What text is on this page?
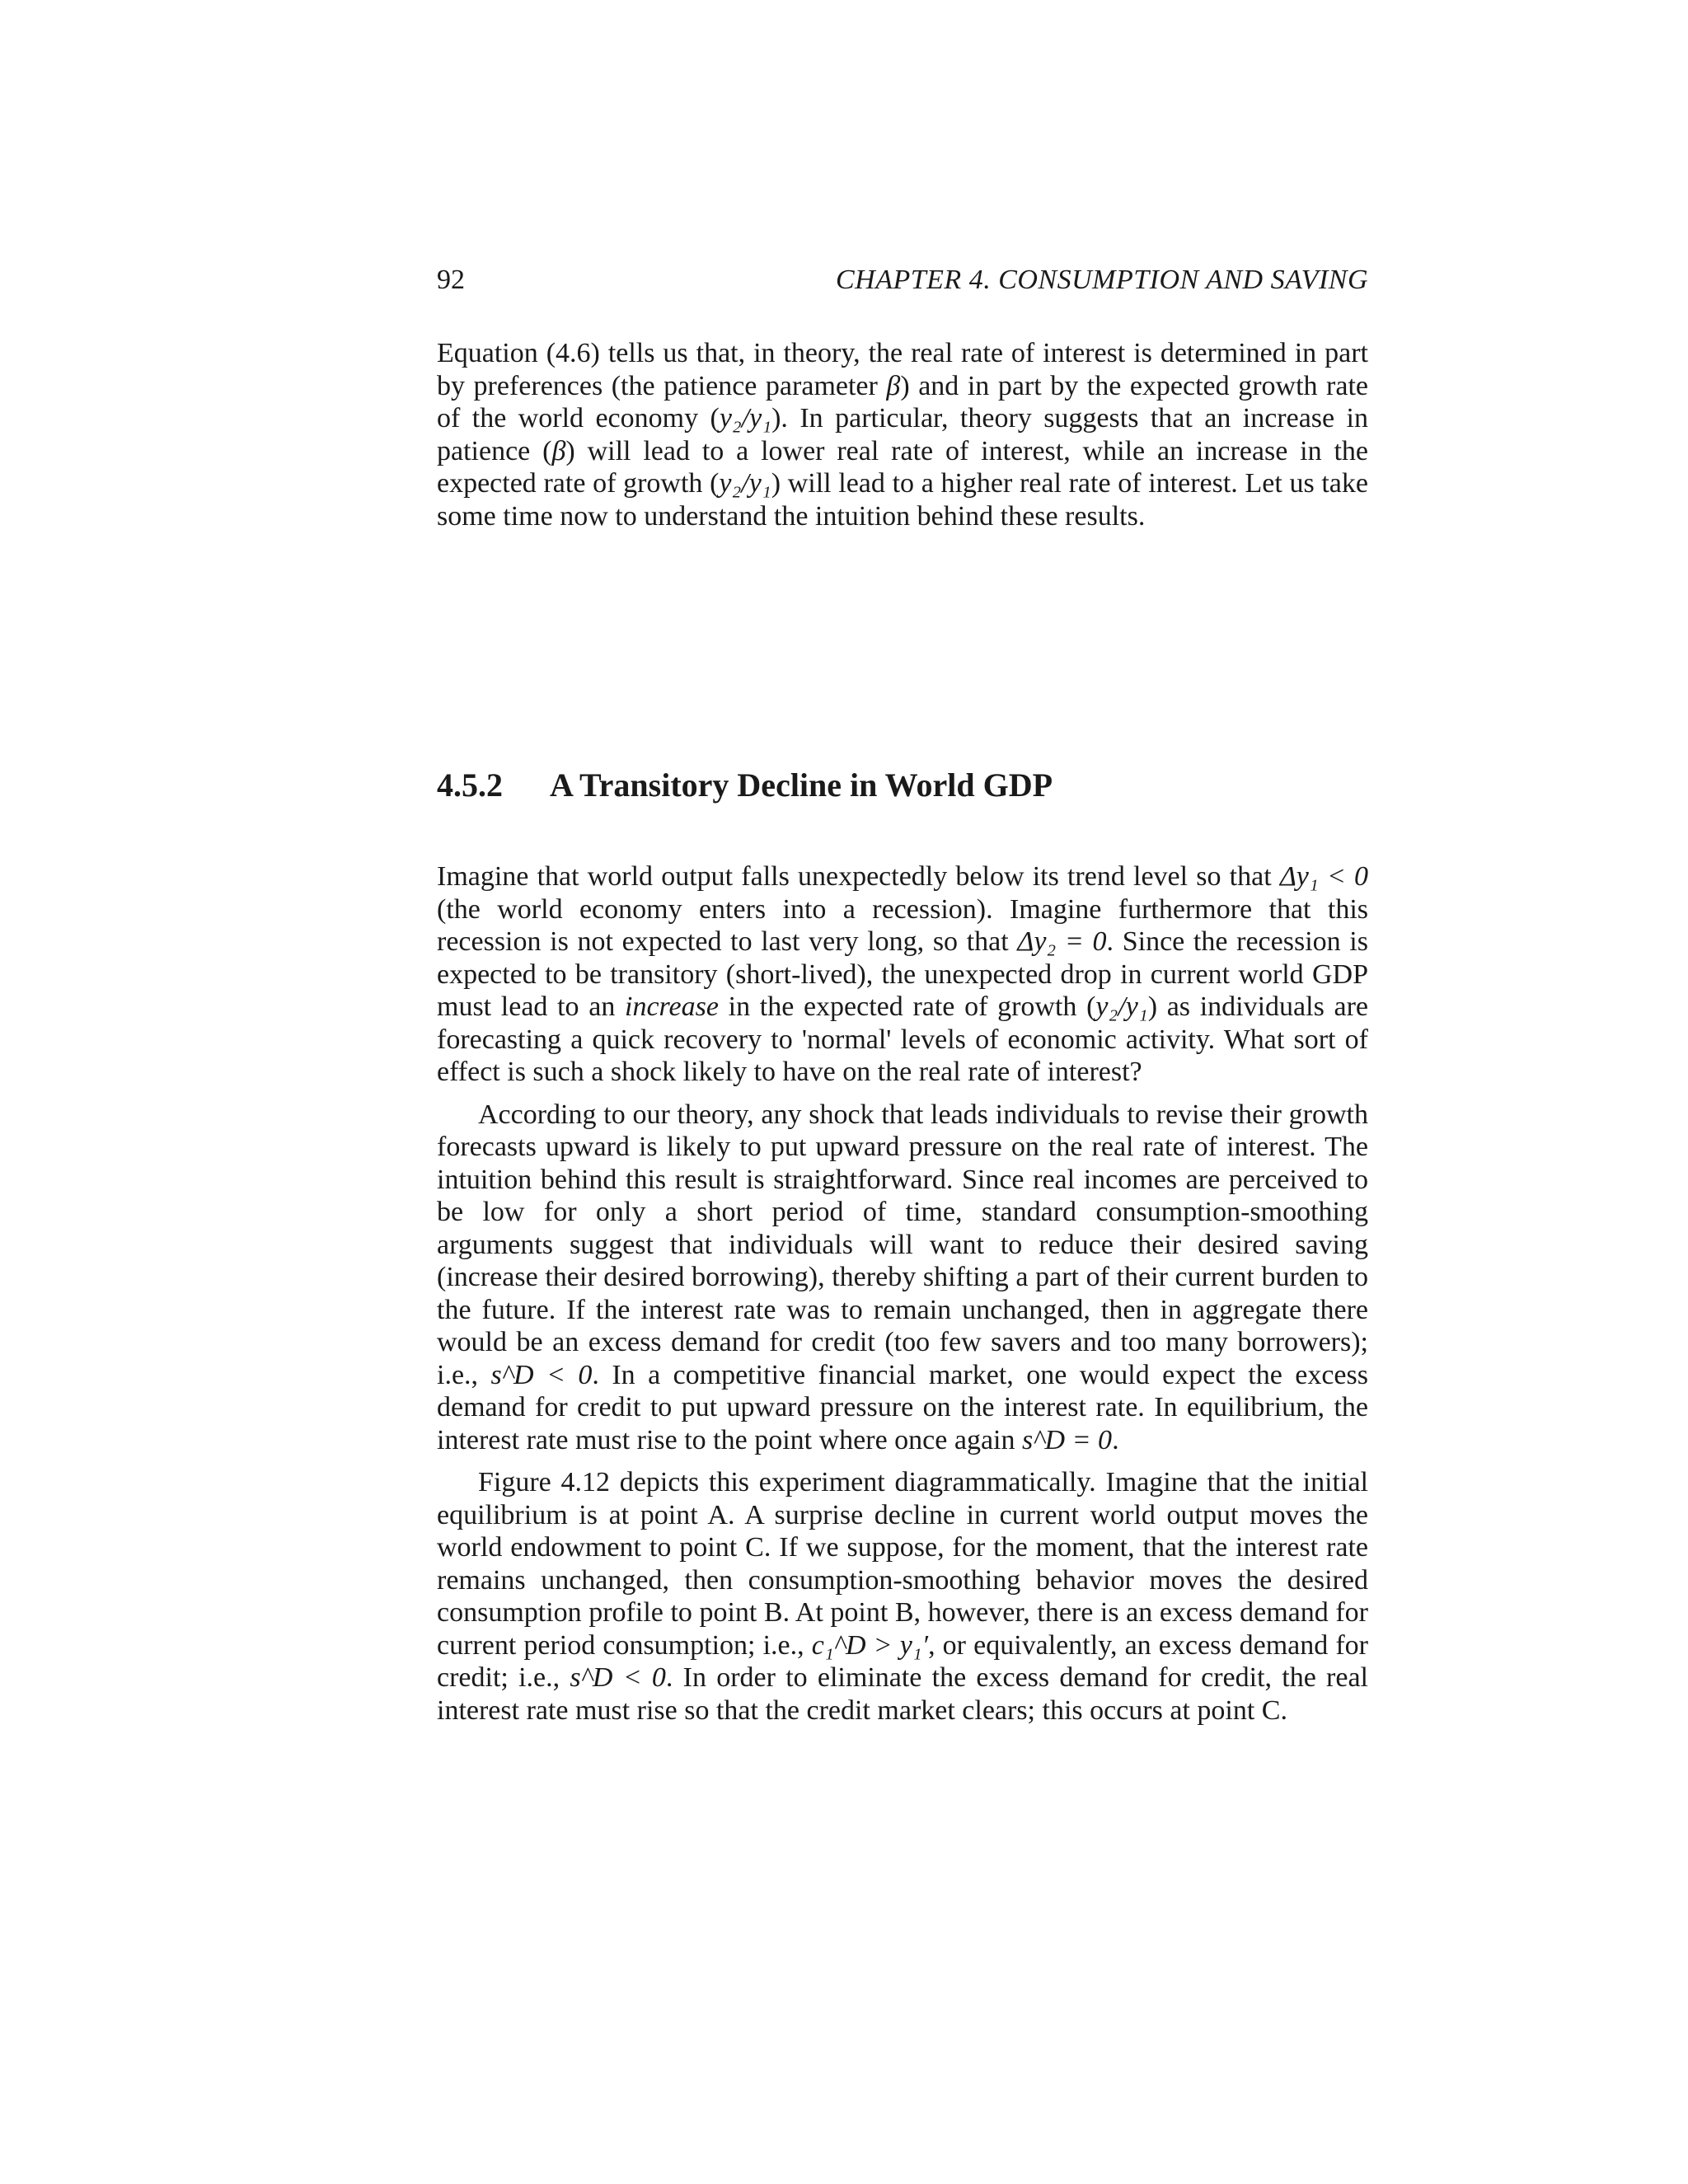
92	CHAPTER 4. CONSUMPTION AND SAVING

Equation (4.6) tells us that, in theory, the real rate of interest is determined in part by preferences (the patience parameter β) and in part by the expected growth rate of the world economy (y₂/y₁). In particular, theory suggests that an increase in patience (β) will lead to a lower real rate of interest, while an increase in the expected rate of growth (y₂/y₁) will lead to a higher real rate of interest. Let us take some time now to understand the intuition behind these results.

4.5.2 A Transitory Decline in World GDP

Imagine that world output falls unexpectedly below its trend level so that Δy₁ < 0 (the world economy enters into a recession). Imagine furthermore that this recession is not expected to last very long, so that Δy₂ = 0. Since the recession is expected to be transitory (short-lived), the unexpected drop in current world GDP must lead to an increase in the expected rate of growth (y₂/y₁) as individuals are forecasting a quick recovery to 'normal' levels of economic activity. What sort of effect is such a shock likely to have on the real rate of interest?

According to our theory, any shock that leads individuals to revise their growth forecasts upward is likely to put upward pressure on the real rate of interest. The intuition behind this result is straightforward. Since real incomes are perceived to be low for only a short period of time, standard consumption-smoothing arguments suggest that individuals will want to reduce their desired saving (increase their desired borrowing), thereby shifting a part of their current burden to the future. If the interest rate was to remain unchanged, then in aggregate there would be an excess demand for credit (too few savers and too many borrowers); i.e., s^D < 0. In a competitive financial market, one would expect the excess demand for credit to put upward pressure on the interest rate. In equilibrium, the interest rate must rise to the point where once again s^D = 0.

Figure 4.12 depicts this experiment diagrammatically. Imagine that the initial equilibrium is at point A. A surprise decline in current world output moves the world endowment to point C. If we suppose, for the moment, that the interest rate remains unchanged, then consumption-smoothing behavior moves the desired consumption profile to point B. At point B, however, there is an excess demand for current period consumption; i.e., c₁^D > y₁′, or equivalently, an excess demand for credit; i.e., s^D < 0. In order to eliminate the excess demand for credit, the real interest rate must rise so that the credit market clears; this occurs at point C.
